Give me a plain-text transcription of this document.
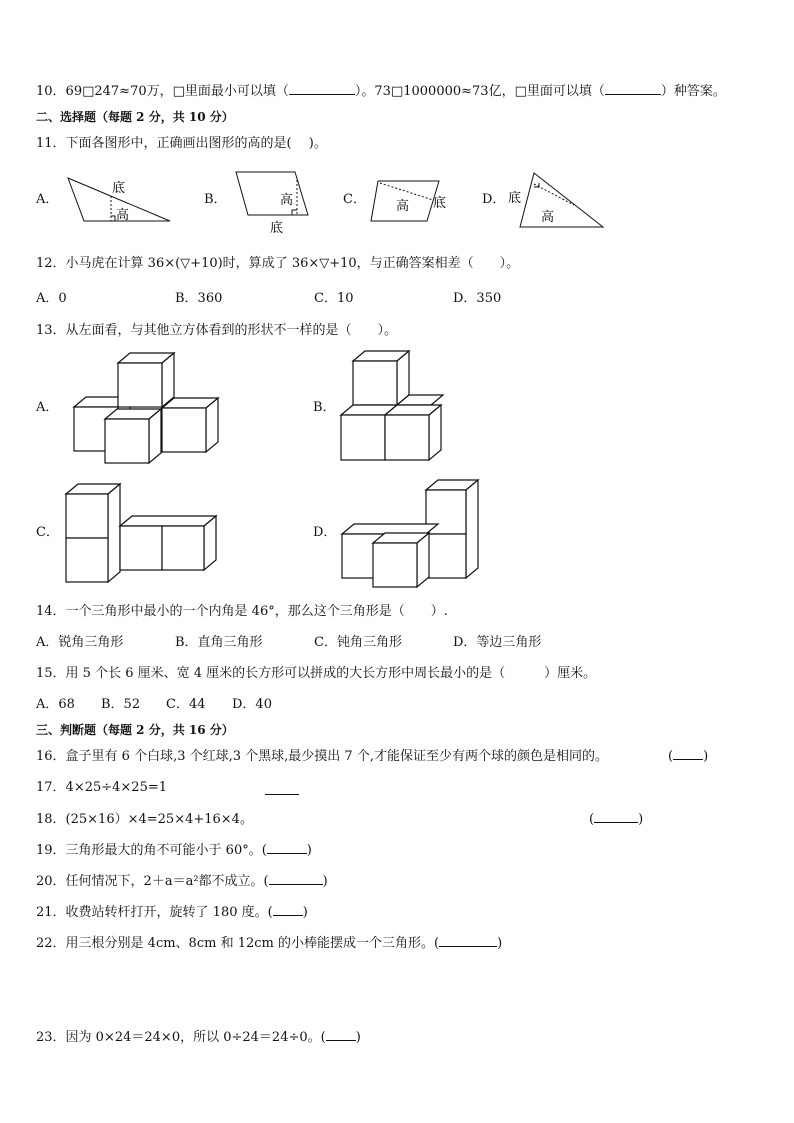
10．69□247≈70万，□里面最小可以填（	）。73□1000000≈73亿，□里面可以填（	）种答案。
二、选择题（每题 2 分，共 10 分）
11．下面各图形中，正确画出图形的高的是(　 )。
A．	B．	C．	D．
底
高
高
底
高 底	底
高
12．小马虎在计算 36×(▽+10)时，算成了 36×▽+10，与正确答案相差（　　）。
A．0	B．360	C．10	D．350
13．从左面看，与其他立方体看到的形状不一样的是（　　）。
A．	B．
C．	D．
14．一个三角形中最小的一个内角是 46°，那么这个三角形是（　　）.
A．锐角三角形	B．直角三角形	C．钝角三角形	D．等边三角形
15．用 5 个长 6 厘米、宽 4 厘米的长方形可以拼成的大长方形中周长最小的是（　　　）厘米。
A．68 B．52 C．44 D．40
三、判断题（每题 2 分，共 16 分）
16．盒子里有 6 个白球,3 个红球,3 个黑球,最少摸出 7 个,才能保证至少有两个球的颜色是相同的。	( )
17．4×25÷4×25=1
18．(25×16）×4=25×4+16×4。	(	)
19．三角形最大的角不可能小于 60°。(	)
20．任何情况下，2＋a＝a²都不成立。(	)
21．收费站转杆打开，旋转了 180 度。( )
22．用三根分别是 4cm、8cm 和 12cm 的小棒能摆成一个三角形。(	)
23．因为 0×24＝24×0，所以 0÷24＝24÷0。( )
